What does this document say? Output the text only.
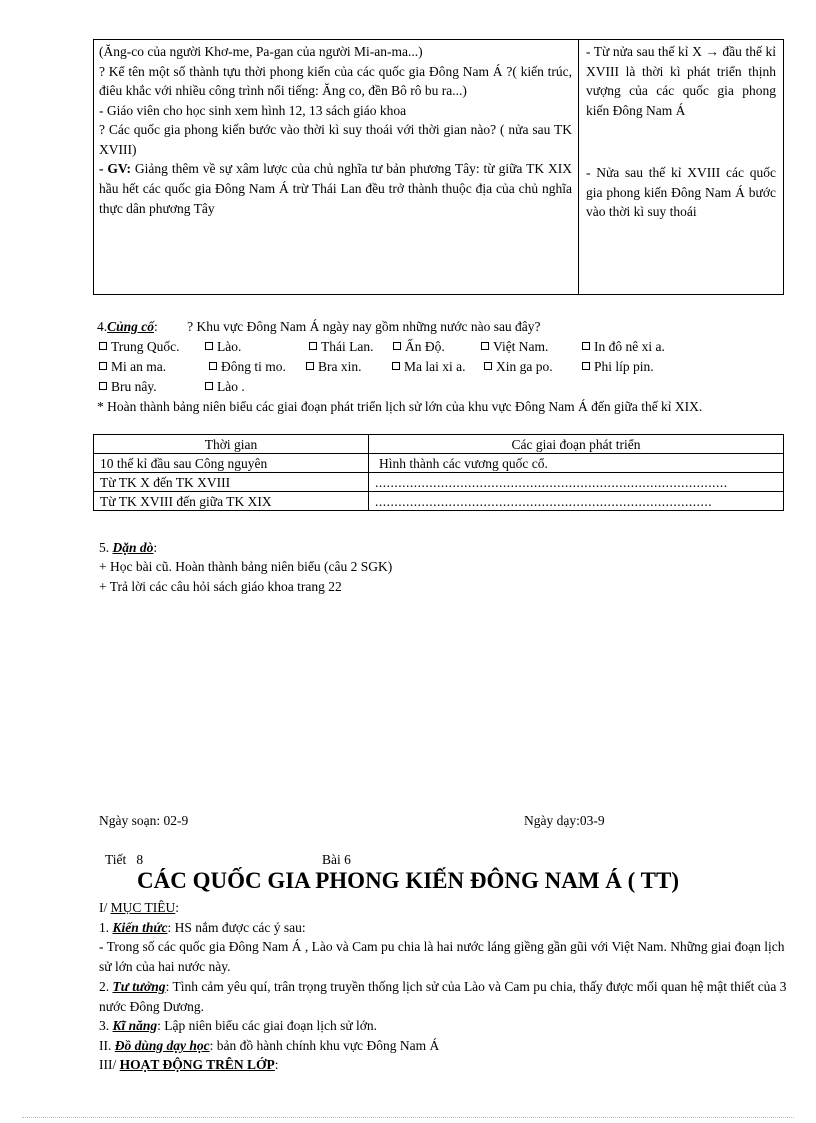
(Ăng-co của người Khơ-me, Pa-gan của người Mi-an-ma...)

? Kể tên một số thành tựu thời phong kiến của các quốc gia Đông Nam Á ?( kiến trúc, điêu khắc với nhiều công trình nổi tiếng: Ăng co, đền Bô rô bu ra...)

- Giáo viên cho học sinh xem hình 12, 13 sách giáo khoa

? Các quốc gia phong kiến bước vào thời kì suy thoái với thời gian nào? ( nửa sau TK XVIII)

- GV: Giảng thêm về sự xâm lược của chủ nghĩa tư bản phương Tây: từ giữa TK XIX hầu hết các quốc gia Đông Nam Á trừ Thái Lan đều trở thành thuộc địa của chủ nghĩa thực dân phương Tây

- Từ nửa sau thế kỉ X → đầu thế kỉ XVIII là thời kì phát triển thịnh vượng của các quốc gia phong kiến Đông Nam Á

- Nửa sau thế kỉ XVIII các quốc gia phong kiến Đông Nam Á bước vào thời kì suy thoái

4.Củng cố: ? Khu vực Đông Nam Á ngày nay gồm những nước nào sau đây?
Trung Quốc.	Lào.	Thái Lan.	Ấn Độ.	Việt Nam.	In đô nê xi a.
Mi an ma.	Đông ti mo.	Bra xin.	Ma lai xi a.	Xin ga po.	Phi líp pin.
Bru nây.	Lào .
* Hoàn thành bảng niên biểu các giai đoạn phát triển lịch sử lớn của khu vực Đông Nam Á đến giữa thế kỉ XIX.
Thời gian	Các giai đoạn phát triển
10 thế kỉ đầu sau Công nguyên	Hình thành các vương quốc cổ.
Từ TK X đến TK XVIII	...........................................................................................
Từ TK XVIII đến giữa TK XIX	.......................................................................................
5. Dặn dò:
+ Học bài cũ. Hoàn thành bảng niên biểu (câu 2 SGK)
+ Trả lời các câu hỏi sách giáo khoa trang 22
Ngày soạn: 02-9	Ngày dạy:03-9
Tiết   8	Bài 6
CÁC QUỐC GIA PHONG KIẾN ĐÔNG NAM Á ( TT)
I/ MỤC TIÊU:
1. Kiến thức: HS nắm được các ý sau:
- Trong số các quốc gia Đông Nam Á , Lào và Cam pu chia là hai nước láng giềng gần gũi với Việt Nam. Những giai đoạn lịch sử lớn của hai nước này.
2. Tư tưởng: Tình cảm yêu quí, trân trọng truyền thống lịch sử của Lào và Cam pu chia, thấy được mối quan hệ mật thiết của 3 nước Đông Dương.
3. Kĩ năng: Lập niên biểu các giai đoạn lịch sử lớn.
II. Đồ dùng dạy học: bản đồ hành chính khu vực Đông Nam Á
III/ HOẠT ĐỘNG TRÊN LỚP:
